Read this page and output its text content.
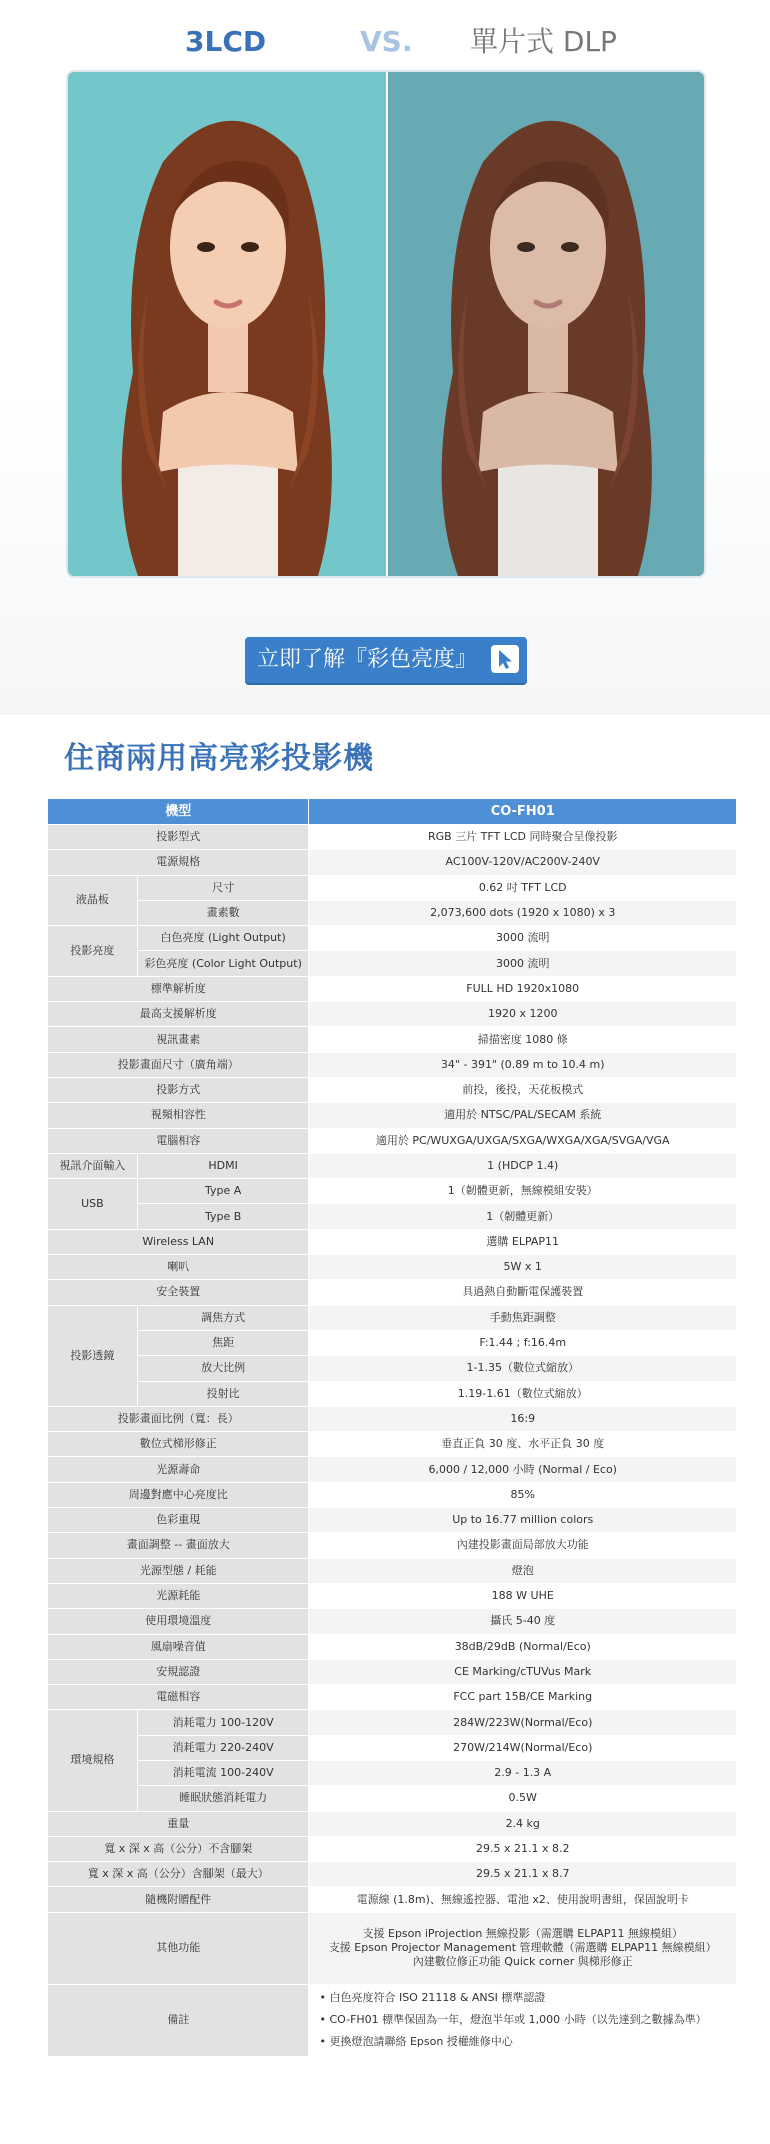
3LCD	VS. 單片式 DLP
立即了解『彩色亮度』
住商兩用高亮彩投影機
機型		CO-FH01
投影型式		RGB 三片 TFT LCD 同時聚合呈像投影
電源規格		AC100V-120V/AC200V-240V
液晶板	尺寸	0.62 吋 TFT LCD
	畫素數	2,073,600 dots (1920 x 1080) x 3
投影亮度	白色亮度 (Light Output)	3000 流明
	彩色亮度 (Color Light Output)	3000 流明
標準解析度		FULL HD 1920x1080
最高支援解析度		1920 x 1200
視訊畫素		掃描密度 1080 條
投影畫面尺寸（廣角端）		34" - 391" (0.89 m to 10.4 m)
投影方式		前投，後投，天花板模式
視頻相容性		適用於 NTSC/PAL/SECAM 系統
電腦相容		適用於 PC/WUXGA/UXGA/SXGA/WXGA/XGA/SVGA/VGA
視訊介面輸入	HDMI	1 (HDCP 1.4)
USB	Type A	1（韌體更新，無線模組安裝）
	Type B	1（韌體更新）
Wireless LAN		選購 ELPAP11
喇叭		5W x 1
安全裝置		具過熱自動斷電保護裝置
投影透鏡	調焦方式	手動焦距調整
	焦距	F:1.44 ; f:16.4m
	放大比例	1-1.35（數位式縮放）
	投射比	1.19-1.61（數位式縮放）
投影畫面比例（寬：長）		16:9
數位式梯形修正		垂直正負 30 度、水平正負 30 度
光源壽命		6,000 / 12,000 小時 (Normal / Eco)
周邊對應中心亮度比		85%
色彩重現		Up to 16.77 million colors
畫面調整 -- 畫面放大		內建投影畫面局部放大功能
光源型態 / 耗能		燈泡
光源耗能		188 W UHE
使用環境溫度		攝氏 5-40 度
風扇噪音值		38dB/29dB (Normal/Eco)
安規認證		CE Marking/cTUVus Mark
電磁相容		FCC part 15B/CE Marking
環境規格	消耗電力 100-120V	284W/223W(Normal/Eco)
	消耗電力 220-240V	270W/214W(Normal/Eco)
	消耗電流 100-240V	2.9 - 1.3 A
	睡眠狀態消耗電力	0.5W
重量		2.4 kg
寬 x 深 x 高（公分）不含腳架		29.5 x 21.1 x 8.2
寬 x 深 x 高（公分）含腳架（最大）		29.5 x 21.1 x 8.7
隨機附贈配件		電源線 (1.8m)、無線遙控器、電池 x2、使用說明書組，保固說明卡
其他功能		支援 Epson iProjection 無線投影（需選購 ELPAP11 無線模組）
支援 Epson Projector Management 管理軟體（需選購 ELPAP11 無線模組）
內建數位修正功能 Quick corner 與梯形修正

備註		• 白色亮度符合 ISO 21118 & ANSI 標準認證
• CO-FH01 標準保固為一年，燈泡半年或 1,000 小時（以先達到之數據為準）
• 更換燈泡請聯絡 Epson 授權維修中心
